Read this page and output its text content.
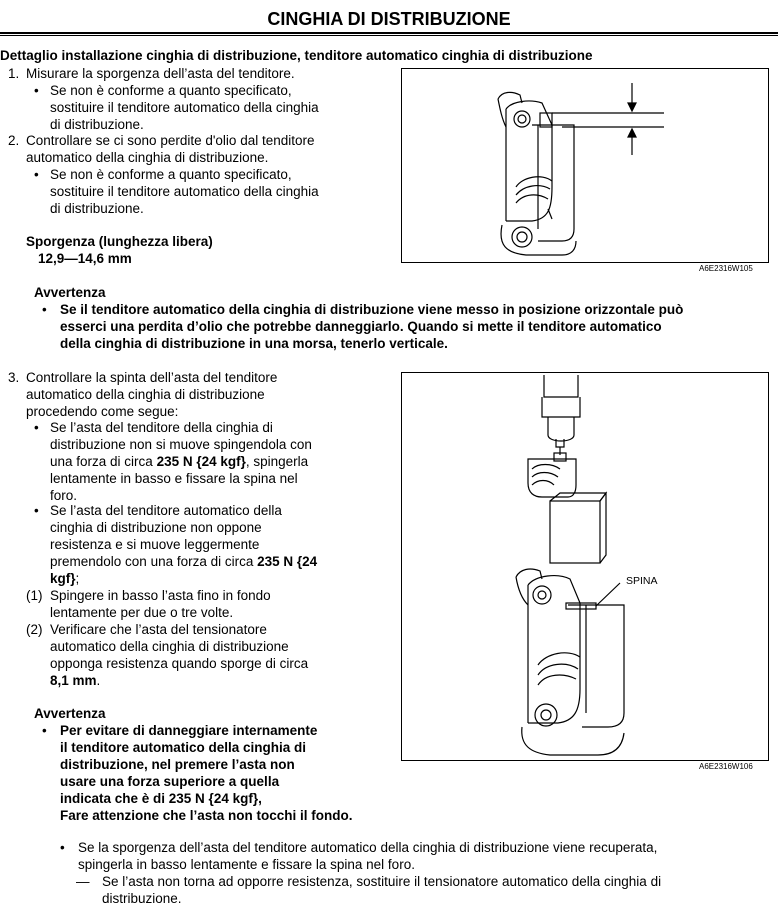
CINGHIA DI DISTRIBUZIONE
Dettaglio installazione cinghia di distribuzione, tenditore automatico cinghia di distribuzione
1. Misurare la sporgenza dell’asta del tenditore.
• Se non è conforme a quanto specificato,
sostituire il tenditore automatico della cinghia
di distribuzione.
2. Controllare se ci sono perdite d'olio dal tenditore
automatico della cinghia di distribuzione.
• Se non è conforme a quanto specificato,
sostituire il tenditore automatico della cinghia
di distribuzione.
Sporgenza (lunghezza libera)
12,9—14,6 mm
A6E2316W105
Avvertenza
• Se il tenditore automatico della cinghia di distribuzione viene messo in posizione orizzontale può
esserci una perdita d’olio che potrebbe danneggiarlo. Quando si mette il tenditore automatico
della cinghia di distribuzione in una morsa, tenerlo verticale.
3. Controllare la spinta dell’asta del tenditore
automatico della cinghia di distribuzione
procedendo come segue:
• Se l’asta del tenditore della cinghia di
distribuzione non si muove spingendola con
una forza di circa 235 N {24 kgf}, spingerla
lentamente in basso e fissare la spina nel
foro.
• Se l’asta del tenditore automatico della
cinghia di distribuzione non oppone
resistenza e si muove leggermente
premendolo con una forza di circa 235 N {24
kgf};
(1) Spingere in basso l’asta fino in fondo
lentamente per due o tre volte.
(2) Verificare che l’asta del tensionatore
automatico della cinghia di distribuzione
opponga resistenza quando sporge di circa
8,1 mm.
Avvertenza
• Per evitare di danneggiare internamente
il tenditore automatico della cinghia di
distribuzione, nel premere l’asta non
usare una forza superiore a quella
indicata che è di 235 N {24 kgf},
Fare attenzione che l’asta non tocchi il fondo.
SPINA
A6E2316W106
• Se la sporgenza dell’asta del tenditore automatico della cinghia di distribuzione viene recuperata,
spingerla in basso lentamente e fissare la spina nel foro.
— Se l’asta non torna ad opporre resistenza, sostituire il tensionatore automatico della cinghia di
distribuzione.
